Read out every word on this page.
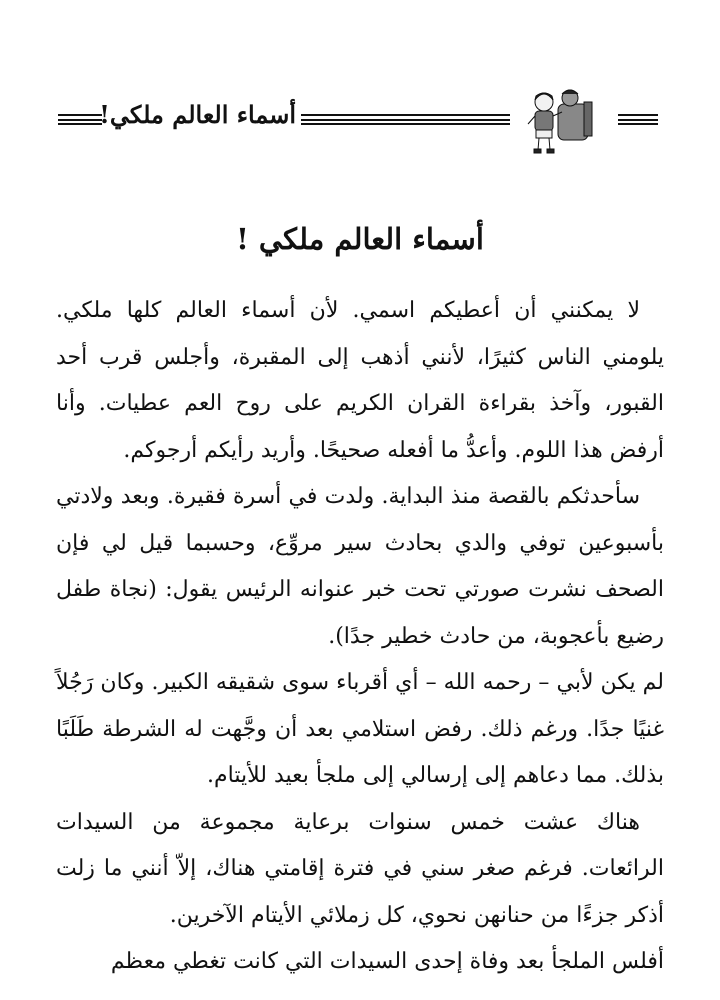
أسماء العالم ملكي!
أسماء العالم ملكي !

لا يمكنني أن أعطيكم اسمي. لأن أسماء العالم كلها ملكي. يلومني الناس كثيرًا، لأنني أذهب إلى المقبرة، وأجلس قرب أحد القبور، وآخذ بقراءة القران الكريم على روح العم عطيات. وأنا أرفض هذا اللوم. وأعدُّ ما أفعله صحيحًا. وأريد رأيكم أرجوكم.

سأحدثكم بالقصة منذ البداية. ولدت في أسرة فقيرة. وبعد ولادتي بأسبوعين توفي والدي بحادث سير مروِّع، وحسبما قيل لي فإن الصحف نشرت صورتي تحت خبر عنوانه الرئيس يقول: (نجاة طفل رضيع بأعجوبة، من حادث خطير جدًا).

لم يكن لأبي – رحمه الله – أي أقرباء سوى شقيقه الكبير. وكان رَجُلاً غنيًا جدًا. ورغم ذلك. رفض استلامي بعد أن وجَّهت له الشرطة طَلَبًا بذلك. مما دعاهم إلى إرسالي إلى ملجأ بعيد للأيتام.

هناك عشت خمس سنوات برعاية مجموعة من السيدات الرائعات. فرغم صغر سني في فترة إقامتي هناك، إلاّ أنني ما زلت أذكر جزءًا من حنانهن نحوي، كل زملائي الأيتام الآخرين.

أفلس الملجأ بعد وفاة إحدى السيدات التي كانت تغطي معظم
